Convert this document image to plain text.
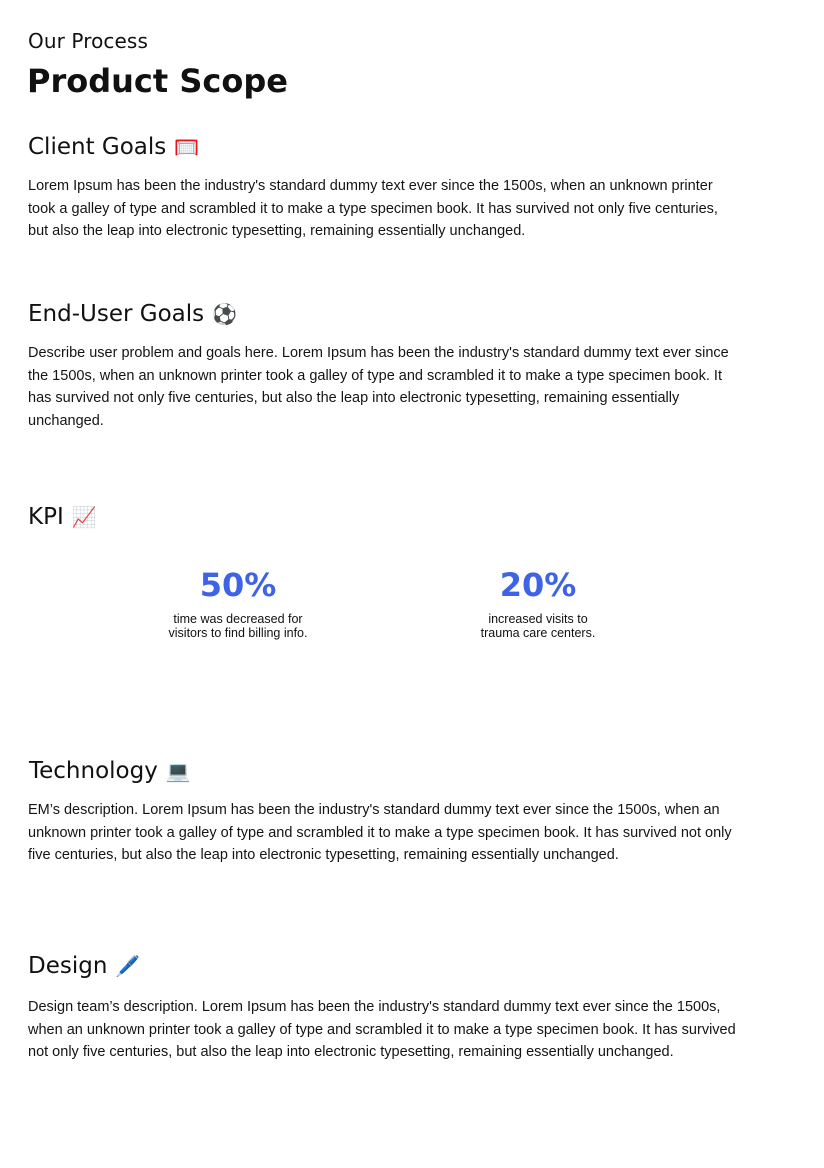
Our Process
Product Scope
Client Goals 🥅
Lorem Ipsum has been the industry's standard dummy text ever since the 1500s, when an unknown printer took a galley of type and scrambled it to make a type specimen book. It has survived not only five centuries, but also the leap into electronic typesetting, remaining essentially unchanged.
End-User Goals ⚽
Describe user problem and goals here. Lorem Ipsum has been the industry's standard dummy text ever since the 1500s, when an unknown printer took a galley of type and scrambled it to make a type specimen book. It has survived not only five centuries, but also the leap into electronic typesetting, remaining essentially unchanged.
KPI 📈
50%
time was decreased for visitors to find billing info.
20%
increased visits to trauma care centers.
Technology 💻
EM’s description. Lorem Ipsum has been the industry's standard dummy text ever since the 1500s, when an unknown printer took a galley of type and scrambled it to make a type specimen book. It has survived not only five centuries, but also the leap into electronic typesetting, remaining essentially unchanged.
Design 🖊️
Design team’s description. Lorem Ipsum has been the industry's standard dummy text ever since the 1500s, when an unknown printer took a galley of type and scrambled it to make a type specimen book. It has survived not only five centuries, but also the leap into electronic typesetting, remaining essentially unchanged.
